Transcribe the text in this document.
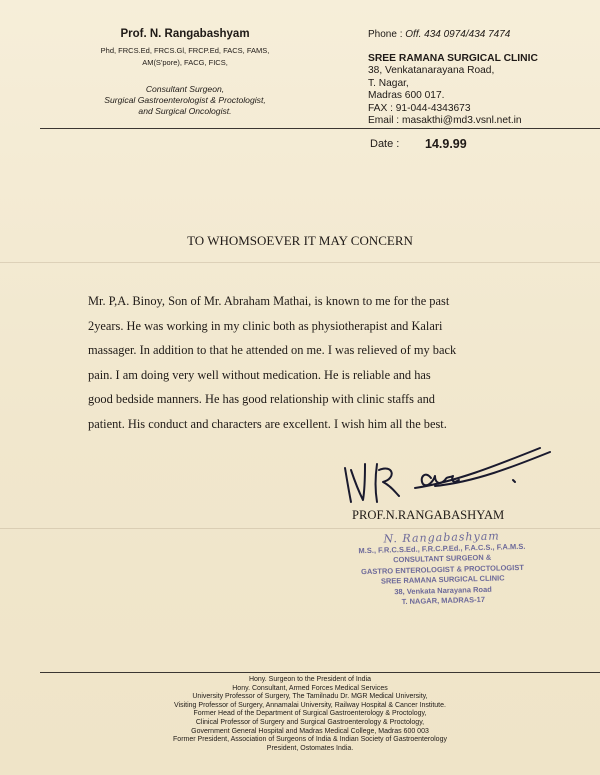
Prof. N. Rangabashyam
Phd, FRCS.Ed, FRCS.Gl, FRCP.Ed, FACS, FAMS,
AM(S'pore), FACG, FICS,
Consultant Surgeon,
Surgical Gastroenterologist & Proctologist,
and Surgical Oncologist.
Phone : Off. 434 0974/434 7474
SREE RAMANA SURGICAL CLINIC
38, Venkatanarayana Road,
T. Nagar,
Madras 600 017.
FAX : 91-044-4343673
Email : masakthi@md3.vsnl.net.in
Date : 14.9.99
TO WHOMSOEVER IT MAY CONCERN
Mr. P,A. Binoy, Son of Mr. Abraham Mathai, is known to me for the past
2years. He was working in my clinic both as physiotherapist and Kalari
massager. In addition to that he attended on me. I was relieved of my back
pain. I am doing very well without medication. He is reliable and has
good bedside manners. He has good relationship with clinic staffs and
patient. His conduct and characters are excellent. I wish him all the best.
PROF.N.RANGABASHYAM
N. Rangabashyam
M.S., F.R.C.S.Ed., F.R.C.P.Ed., F.A.C.S., F.A.M.S.
CONSULTANT SURGEON &
GASTRO ENTEROLOGIST & PROCTOLOGIST
SREE RAMANA SURGICAL CLINIC
38, Venkata Narayana Road
T. NAGAR, MADRAS-17
Hony. Surgeon to the President of India
Hony. Consultant, Armed Forces Medical Services
University Professor of Surgery, The Tamilnadu Dr. MGR Medical University,
Visiting Professor of Surgery, Annamalai University, Railway Hospital & Cancer Institute.
Former Head of the Department of Surgical Gastroenterology & Proctology,
Clinical Professor of Surgery and Surgical Gastroenterology & Proctology,
Government General Hospital and Madras Medical College, Madras 600 003
Former President, Association of Surgeons of India & Indian Society of Gastroenterology
President, Ostomates India.
